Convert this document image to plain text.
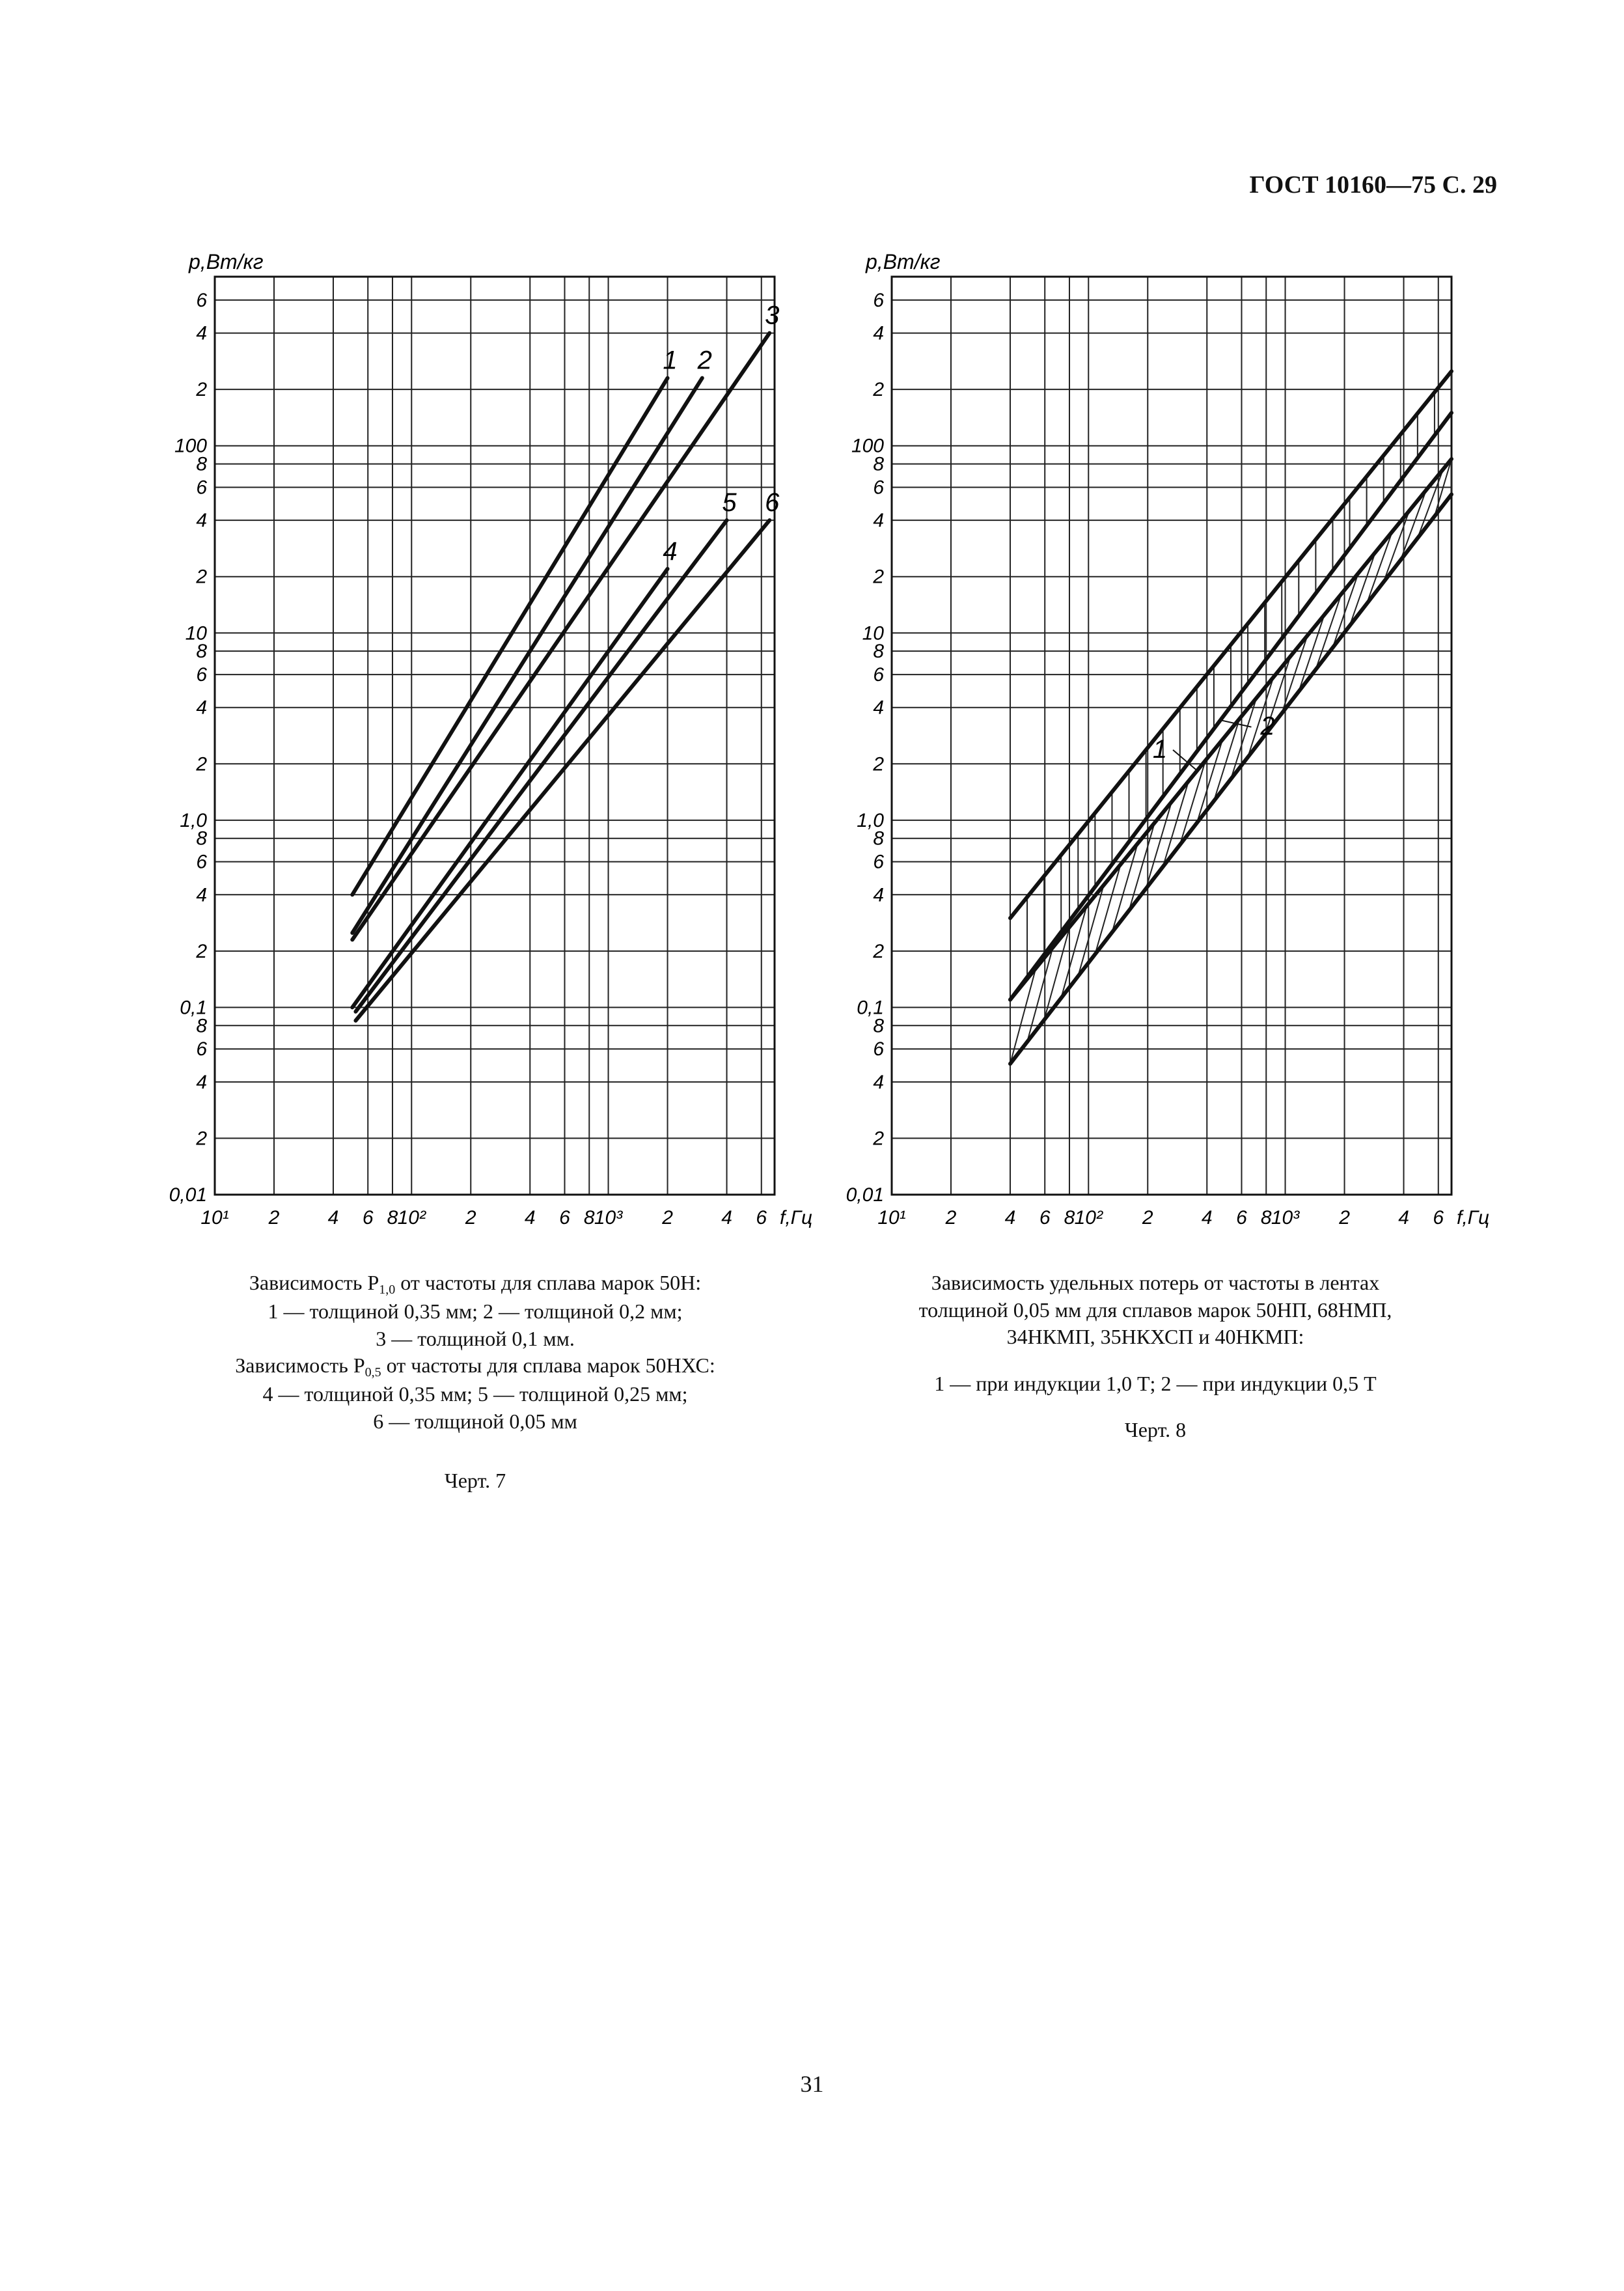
ГОСТ 10160—75 С. 29
10¹ 2 4 6 8 10² 2 4 6 8 10³ 2 4 6
0,01
2
4
6
8
0,1
2
4
6
8
1,0
2
4
6
8
10
2
4
6
8
100
2
4
6
p,Вт/кг
f,Гц
1 2
3
4
5 6
10¹ 2 4 6 8 10² 2 4 6 8 10³ 2 4 6
0,01
2
4
6
8
0,1
2
4
6
8
1,0
2
4
6
8
10
2
4
6
8
100
2
4
6
p,Вт/кг
f,Гц
1
2
Зависимость $P_{1,0}$ от частоты для сплава марок 50Н:
1 — толщиной 0,35 мм; 2 — толщиной 0,2 мм;
3 — толщиной 0,1 мм.
Зависимость $P_{0,5}$ от частоты для сплава марок 50НХС:
4 — толщиной 0,35 мм; 5 — толщиной 0,25 мм;
6 — толщиной 0,05 мм
Черт. 7
Зависимость удельных потерь от частоты в лентах
толщиной 0,05 мм для сплавов марок 50НП, 68НМП,
34НКМП, 35НКХСП и 40НКМП:
1 — при индукции 1,0 Т; 2 — при индукции 0,5 Т
Черт. 8
31
